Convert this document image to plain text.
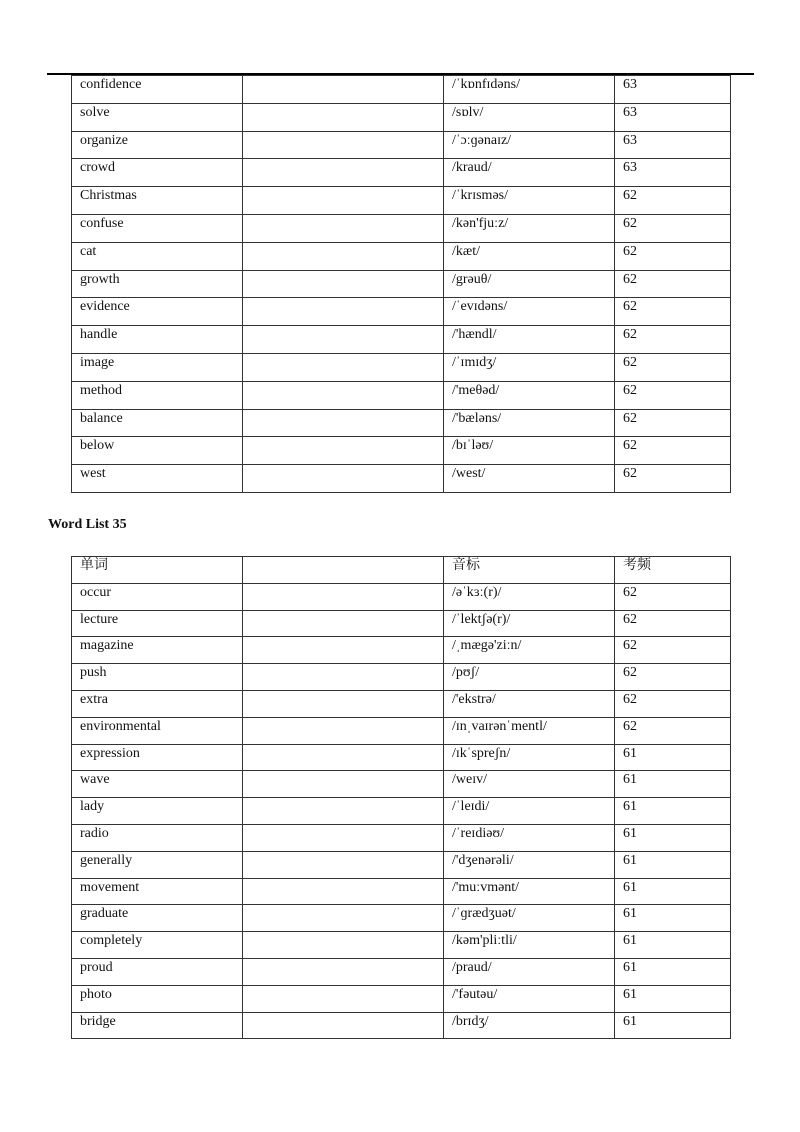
confidence		/ˈkɒnfɪdəns/	63
solve		/sɒlv/	63
organize		/ˈɔːɡənaɪz/	63
crowd		/kraud/	63
Christmas		/ˈkrɪsməs/	62
confuse		/kən'fjuːz/	62
cat		/kæt/	62
growth		/grəuθ/	62
evidence		/ˈevɪdəns/	62
handle		/'hændl/	62
image		/ˈɪmɪdʒ/	62
method		/'meθəd/	62
balance		/'bæləns/	62
below		/bɪˈləʊ/	62
west		/west/	62
Word List 35
单词		音标	考频
occur		/əˈkɜː(r)/	62
lecture		/ˈlektʃə(r)/	62
magazine		/ˌmægə'ziːn/	62
push		/pʊʃ/	62
extra		/'ekstrə/	62
environmental		/ɪnˌvaɪrənˈmentl/	62
expression		/ɪkˈspreʃn/	61
wave		/weɪv/	61
lady		/ˈleɪdi/	61
radio		/ˈreɪdiəʊ/	61
generally		/'dʒenərəli/	61
movement		/'muːvmənt/	61
graduate		/ˈɡrædʒuət/	61
completely		/kəm'pliːtli/	61
proud		/praud/	61
photo		/'fəutəu/	61
bridge		/brɪdʒ/	61
